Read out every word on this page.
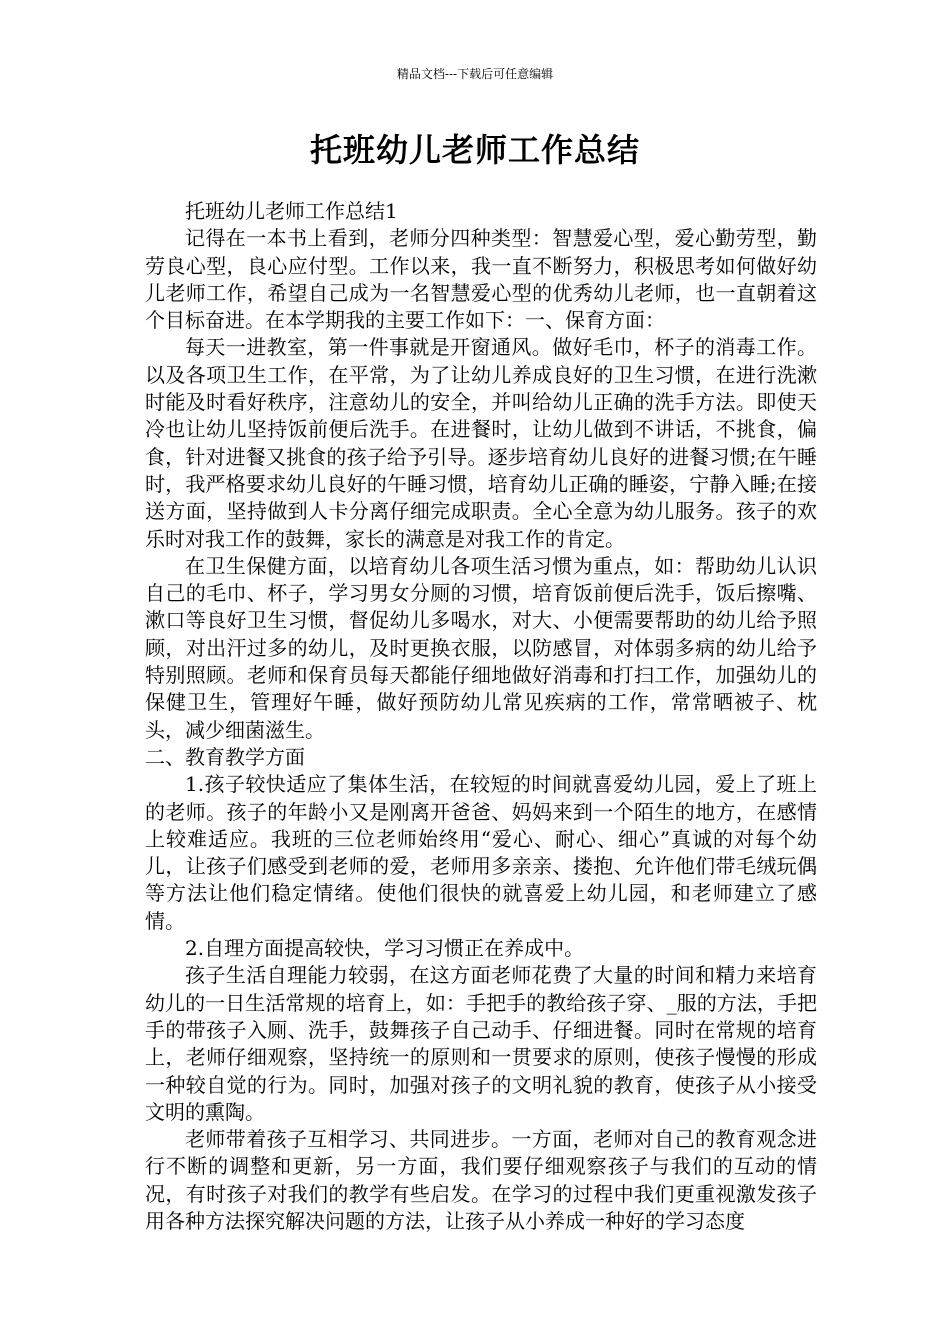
精品文档---下载后可任意编辑
托班幼儿老师工作总结

托班幼儿老师工作总结1

记得在一本书上看到，老师分四种类型：智慧爱心型，爱心勤劳型，勤劳良心型，良心应付型。工作以来，我一直不断努力，积极思考如何做好幼儿老师工作，希望自己成为一名智慧爱心型的优秀幼儿老师，也一直朝着这个目标奋进。在本学期我的主要工作如下：一、保育方面：

每天一进教室，第一件事就是开窗通风。做好毛巾，杯子的消毒工作。以及各项卫生工作，在平常，为了让幼儿养成良好的卫生习惯，在进行洗漱时能及时看好秩序，注意幼儿的安全，并叫给幼儿正确的洗手方法。即使天冷也让幼儿坚持饭前便后洗手。在进餐时，让幼儿做到不讲话，不挑食，偏食，针对进餐又挑食的孩子给予引导。逐步培育幼儿良好的进餐习惯;在午睡时，我严格要求幼儿良好的午睡习惯，培育幼儿正确的睡姿，宁静入睡;在接送方面，坚持做到人卡分离仔细完成职责。全心全意为幼儿服务。孩子的欢乐时对我工作的鼓舞，家长的满意是对我工作的肯定。

在卫生保健方面，以培育幼儿各项生活习惯为重点，如：帮助幼儿认识自己的毛巾、杯子，学习男女分厕的习惯，培育饭前便后洗手，饭后擦嘴、漱口等良好卫生习惯，督促幼儿多喝水，对大、小便需要帮助的幼儿给予照顾，对出汗过多的幼儿，及时更换衣服，以防感冒，对体弱多病的幼儿给予特别照顾。老师和保育员每天都能仔细地做好消毒和打扫工作，加强幼儿的保健卫生，管理好午睡，做好预防幼儿常见疾病的工作，常常晒被子、枕头，减少细菌滋生。

二、教育教学方面

1.孩子较快适应了集体生活，在较短的时间就喜爱幼儿园，爱上了班上的老师。孩子的年龄小又是刚离开爸爸、妈妈来到一个陌生的地方，在感情上较难适应。我班的三位老师始终用“爱心、耐心、细心”真诚的对每个幼儿，让孩子们感受到老师的爱，老师用多亲亲、搂抱、允许他们带毛绒玩偶等方法让他们稳定情绪。使他们很快的就喜爱上幼儿园，和老师建立了感情。

2.自理方面提高较快，学习习惯正在养成中。

孩子生活自理能力较弱，在这方面老师花费了大量的时间和精力来培育幼儿的一日生活常规的培育上，如：手把手的教给孩子穿、_服的方法，手把手的带孩子入厕、洗手，鼓舞孩子自己动手、仔细进餐。同时在常规的培育上，老师仔细观察，坚持统一的原则和一贯要求的原则，使孩子慢慢的形成一种较自觉的行为。同时，加强对孩子的文明礼貌的教育，使孩子从小接受文明的熏陶。

老师带着孩子互相学习、共同进步。一方面，老师对自己的教育观念进行不断的调整和更新，另一方面，我们要仔细观察孩子与我们的互动的情况，有时孩子对我们的教学有些启发。在学习的过程中我们更重视激发孩子用各种方法探究解决问题的方法，让孩子从小养成一种好的学习态度
